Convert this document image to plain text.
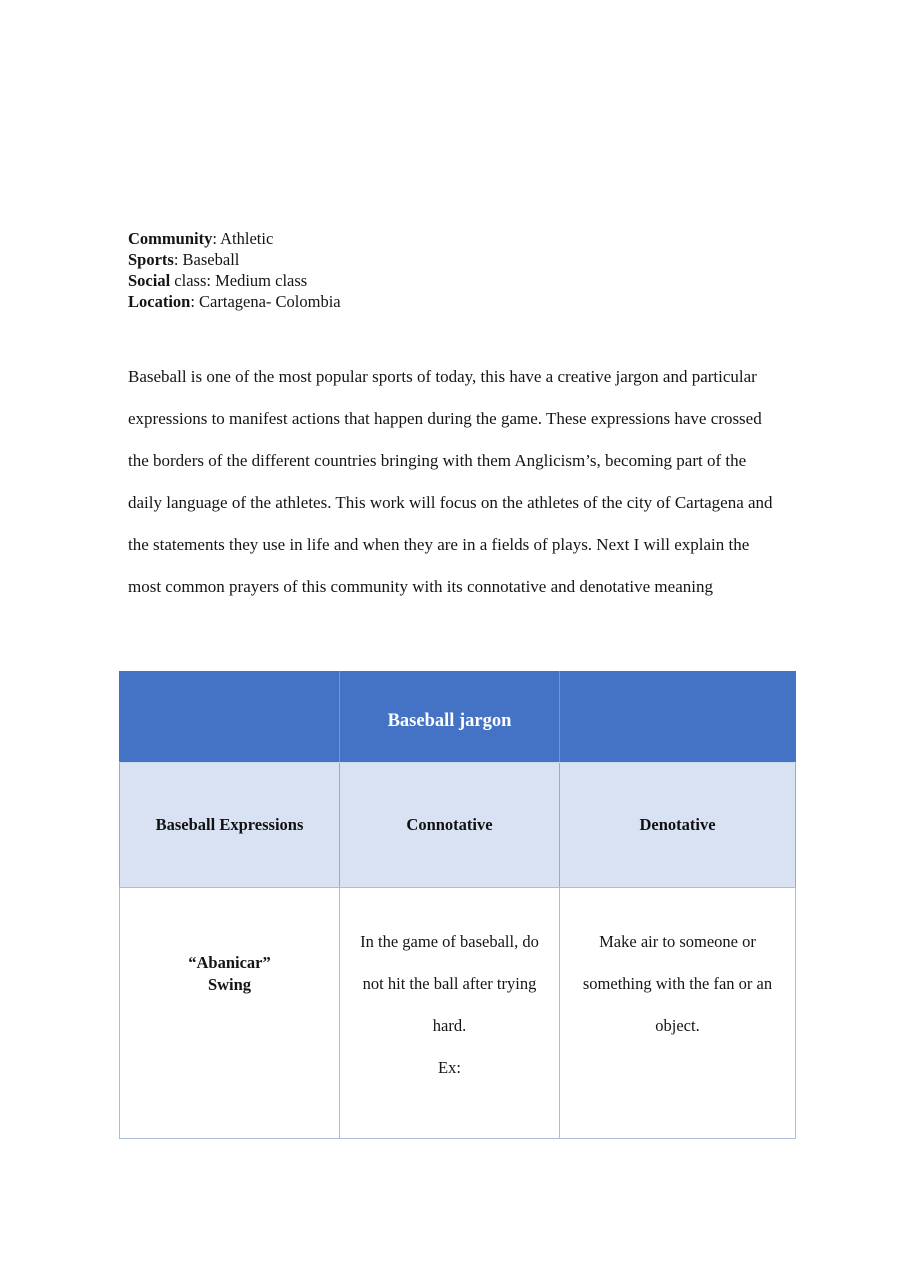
Community: Athletic
Sports: Baseball
Social class: Medium class
Location: Cartagena- Colombia

Baseball is one of the most popular sports of today, this have a creative jargon and particular expressions to manifest actions that happen during the game. These expressions have crossed the borders of the different countries bringing with them Anglicism’s, becoming part of the daily language of the athletes. This work will focus on the athletes of the city of Cartagena and the statements they use in life and when they are in a fields of plays. Next I will explain the most common prayers of this community with its connotative and denotative meaning

Baseball jargon
Baseball Expressions	Connotative	Denotative
“Abanicar”
Swing
In the game of baseball, do
not hit the ball after trying
hard.
Ex:
Make air to someone or
something with the fan or an
object.
